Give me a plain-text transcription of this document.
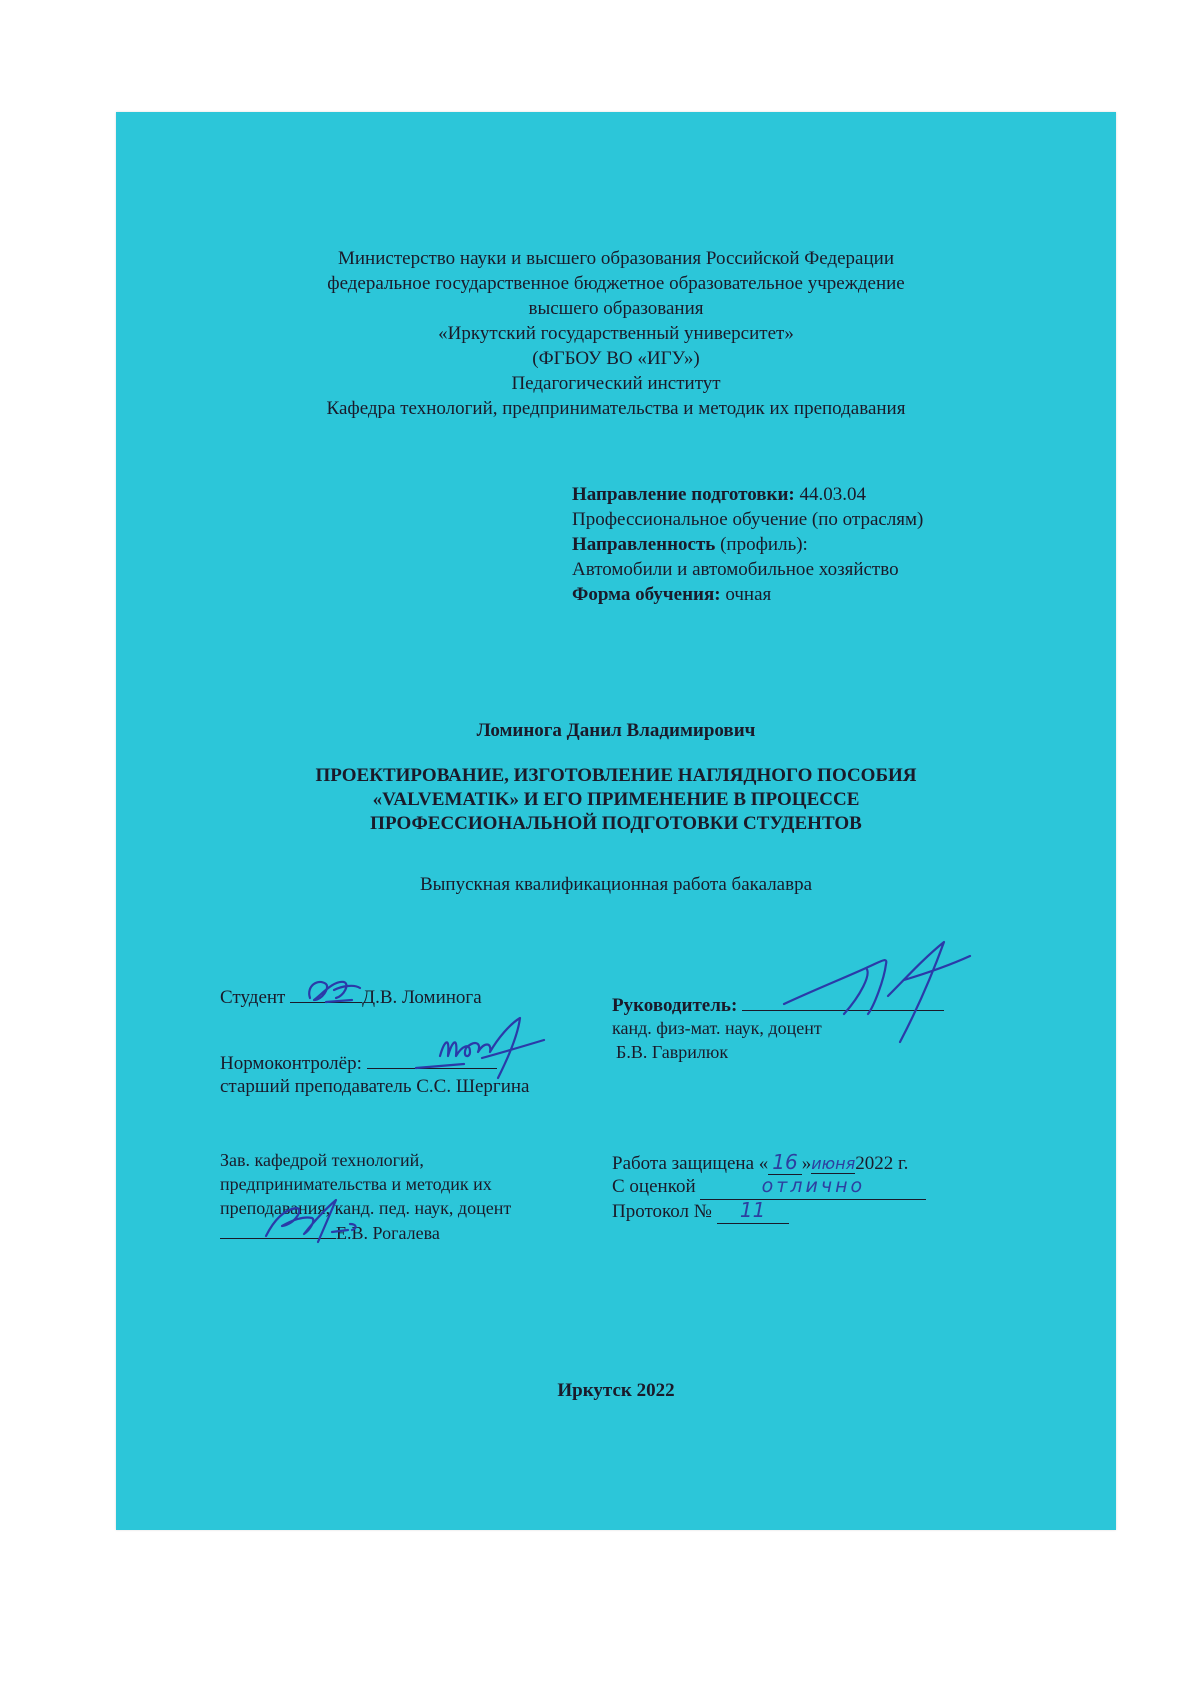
Министерство науки и высшего образования Российской Федерации
федеральное государственное бюджетное образовательное учреждение
высшего образования
«Иркутский государственный университет»
(ФГБОУ ВО «ИГУ»)
Педагогический институт
Кафедра технологий, предпринимательства и методик их преподавания
Направление подготовки: 44.03.04
Профессиональное обучение (по отраслям)
Направленность (профиль):
Автомобили и автомобильное хозяйство
Форма обучения: очная
Ломинога Данил Владимирович
ПРОЕКТИРОВАНИЕ, ИЗГОТОВЛЕНИЕ НАГЛЯДНОГО ПОСОБИЯ
«VALVEMATIK» И ЕГО ПРИМЕНЕНИЕ В ПРОЦЕССЕ
ПРОФЕССИОНАЛЬНОЙ ПОДГОТОВКИ СТУДЕНТОВ
Выпускная квалификационная работа бакалавра
Студент	Д.В. Ломинога
Нормоконтролёр:
старший преподаватель С.С. Шергина
Руководитель:
канд. физ-мат. наук, доцент
Б.В. Гаврилюк
Зав. кафедрой технологий,
предпринимательства и методик их
преподавания, канд. пед. наук, доцент
Е.В. Рогалева
Работа защищена « 16 »июня2022 г.
С оценкой	отлично
Протокол № 11
Иркутск 2022
